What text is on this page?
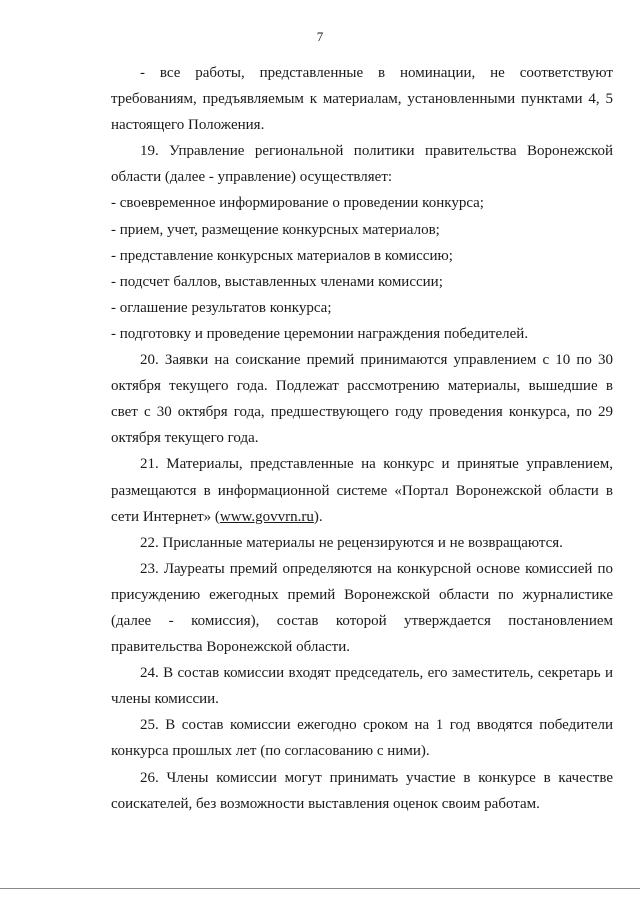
7
- все работы, представленные в номинации, не соответствуют
требованиям, предъявляемым к материалам, установленными пунктами 4, 5
настоящего Положения.
19. Управление региональной политики правительства Воронежской
области (далее - управление) осуществляет:
- своевременное информирование о проведении конкурса;
- прием, учет, размещение конкурсных материалов;
- представление конкурсных материалов в комиссию;
- подсчет баллов, выставленных членами комиссии;
- оглашение результатов конкурса;
- подготовку и проведение церемонии награждения победителей.
20. Заявки на соискание премий принимаются управлением с 10 по 30
октября текущего года. Подлежат рассмотрению материалы, вышедшие в
свет с 30 октября года, предшествующего году проведения конкурса, по 29
октября текущего года.
21. Материалы, представленные на конкурс и принятые управлением,
размещаются в информационной системе «Портал Воронежской области в
сети Интернет» (www.govvrn.ru).
22. Присланные материалы не рецензируются и не возвращаются.
23. Лауреаты премий определяются на конкурсной основе комиссией по
присуждению ежегодных премий Воронежской области по журналистике
(далее - комиссия), состав которой утверждается постановлением
правительства Воронежской области.
24. В состав комиссии входят председатель, его заместитель, секретарь и
члены комиссии.
25. В состав комиссии ежегодно сроком на 1 год вводятся победители
конкурса прошлых лет (по согласованию с ними).
26. Члены комиссии могут принимать участие в конкурсе в качестве
соискателей, без возможности выставления оценок своим работам.
